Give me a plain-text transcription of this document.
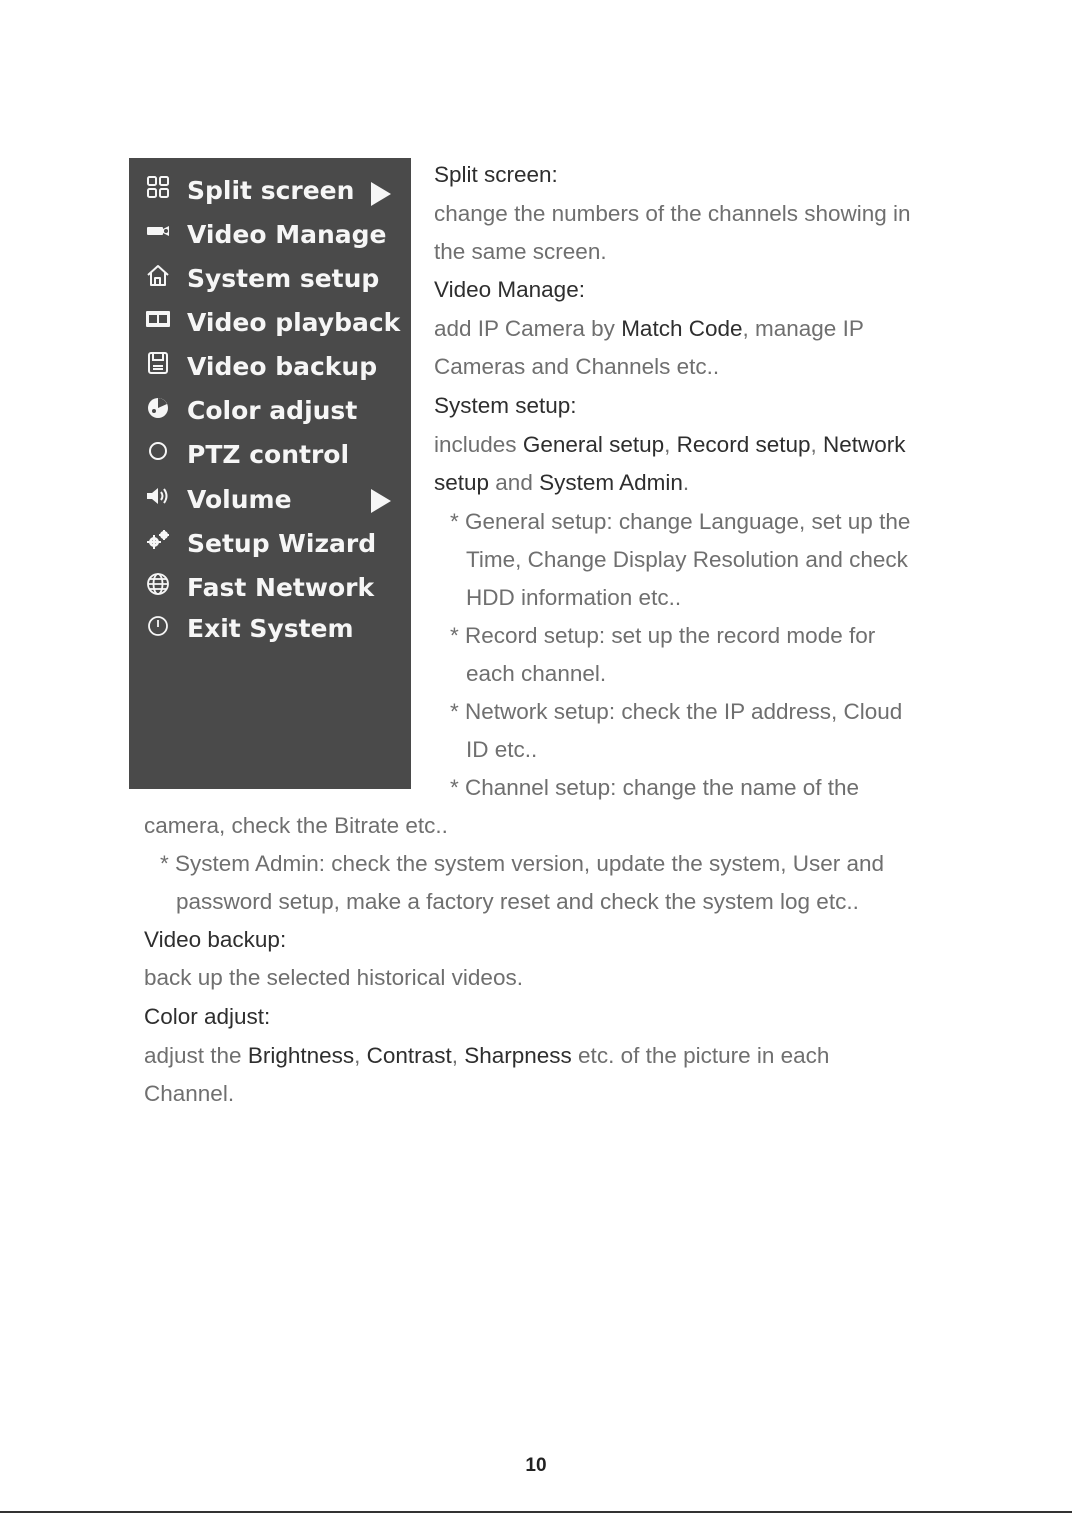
Split screen
Video Manage
System setup
Video playback
Video backup
Color adjust
PTZ control
Volume
Setup Wizard
Fast Network
Exit System
Split screen:
change the numbers of the channels showing in
the same screen.
Video Manage:
add IP Camera by Match Code, manage IP
Cameras and Channels etc..
System setup:
includes General setup, Record setup, Network
setup and System Admin.
* General setup: change Language, set up the
Time, Change Display Resolution and check
HDD information etc..
* Record setup: set up the record mode for
each channel.
* Network setup: check the IP address, Cloud
ID etc..
* Channel setup: change the name of the
camera, check the Bitrate etc..
* System Admin: check the system version, update the system, User and
password setup, make a factory reset and check the system log etc..
Video backup:
back up the selected historical videos.
Color adjust:
adjust the Brightness, Contrast, Sharpness etc. of the picture in each
Channel.
10
